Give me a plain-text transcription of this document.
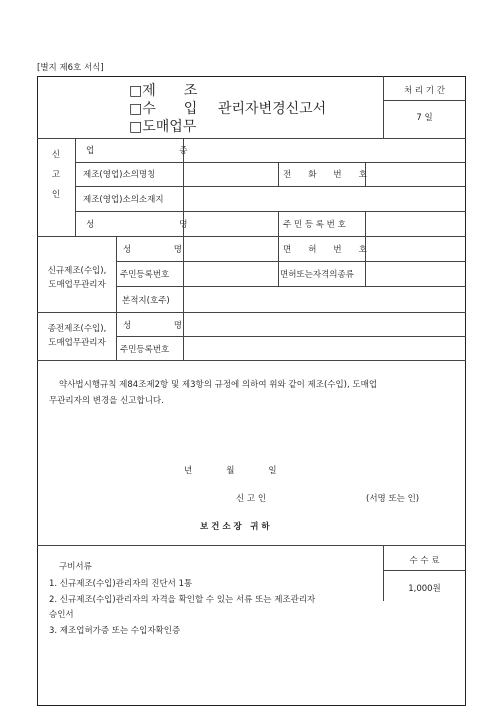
[별지 제6호 서식]
□제　　조
□수　　입
□도매업무
관리자변경신고서
처 리 기 간
7 일
신

고

인
업　　　　　　　　　　종
제조(영업)소의명칭	전　　화　　번　　호
제조(영업)소의소재지
성　　　　　　　　　　명	주 민 등 록 번 호
신규제조(수입),
도매업무관리자
성　　　　　명	면　　허　　번　　호
주민등록번호	면허또는자격의종류
본적지(호주)
종전제조(수입),
도매업무관리자
성　　　　　명
주민등록번호
약사법시행규칙 제84조제2항 및 제3항의 규정에 의하여 위와 같이 제조(수입), 도매업
무관리자의 변경을 신고합니다.
년　　　　월　　　　일
신 고 인	(서명 또는 인)
보 건 소 장　귀 하
수 수 료
1,000원
구비서류
1. 신규제조(수입)관리자의 진단서 1통
2. 신규제조(수입)관리자의 자격을 확인할 수 있는 서류 또는 제조관리자
승인서
3. 제조업허가증 또는 수입자확인증
